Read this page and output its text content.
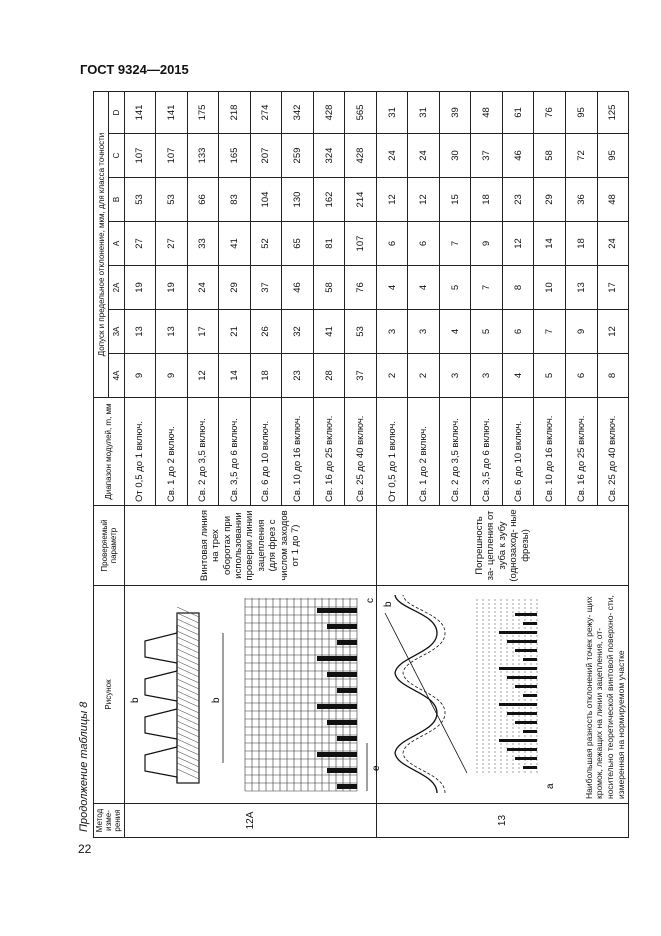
ГОСТ 9324—2015
Продолжение таблицы 8
22
Метод изме- рения	Рисунок	Проверяемый параметр	Диапазон модулей, m, мм	Допуск и предельное отклонение, мкм, для класса точности						
				4А	3А	2А	А	В	С	D
12А	b
b
c
e	Винтовая линия на трех оборотах при использовании проверки линии зацепления (для фрез с числом заходов от 1 до 7)	От 0,5 до 1 включ.	9	13	19	27	53	107	141
			Св. 1 до 2 включ.	9	13	19	27	53	107	141
			Св. 2 до 3,5 включ.	12	17	24	33	66	133	175
			Св. 3,5 до 6 включ.	14	21	29	41	83	165	218
			Св. 6 до 10 включ.	18	26	37	52	104	207	274
			Св. 10 до 16 включ.	23	32	46	65	130	259	342
			Св. 16 до 25 включ.	28	41	58	81	162	324	428
			Св. 25 до 40 включ.	37	53	76	107	214	428	565
13	b
a Наибольшая разность отклонений точек режу- щих кромок, лежащих на линии зацепления, от- носительно теоретической винтовой поверхно- сти, измеренная на нормируемом участке	Погрешность за- цепления от зуба к зубу (однозаход- ные фрезы)	От 0,5 до 1 включ.	2	3	4	6	12	24	31
			Св. 1 до 2 включ.	2	3	4	6	12	24	31
			Св. 2 до 3,5 включ.	3	4	5	7	15	30	39
			Св. 3,5 до 6 включ.	3	5	7	9	18	37	48
			Св. 6 до 10 включ.	4	6	8	12	23	46	61
			Св. 10 до 16 включ.	5	7	10	14	29	58	76
			Св. 16 до 25 включ.	6	9	13	18	36	72	95
			Св. 25 до 40 включ.	8	12	17	24	48	95	125
